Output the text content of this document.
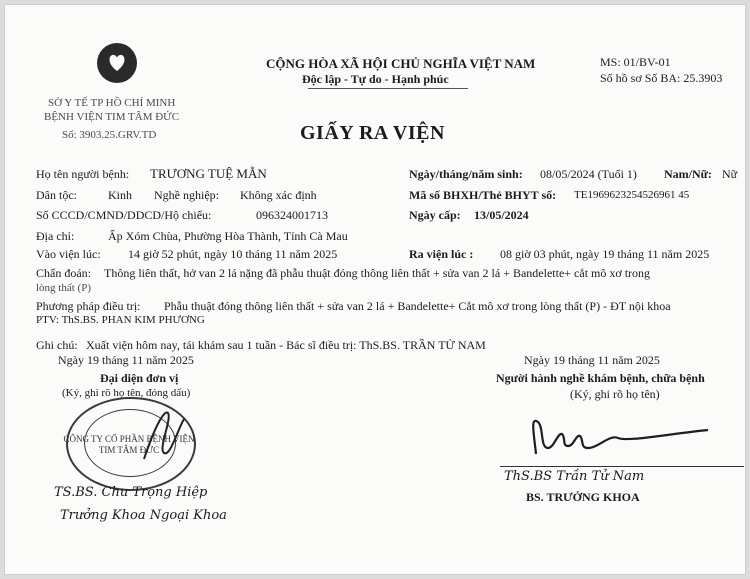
SỞ Y TẾ TP HỒ CHÍ MINH
BỆNH VIỆN TIM TÂM ĐỨC
Số: 3903.25.GRV.TD
CỘNG HÒA XÃ HỘI CHỦ NGHĨA VIỆT NAM
Độc lập - Tự do - Hạnh phúc
MS: 01/BV-01
Số hồ sơ Số BA: 25.3903
GIẤY RA VIỆN
Họ tên người bệnh: TRƯƠNG TUỆ MẪN	Ngày/tháng/năm sinh: 08/05/2024 (Tuổi 1) Nam/Nữ: Nữ
Dân tộc:	Kinh Nghề nghiệp: Không xác định	Mã số BHXH/Thẻ BHYT số: TE1969623254526961 45
Số CCCD/CMND/DDCD/Hộ chiếu:	096324001713	Ngày cấp: 13/05/2024
Địa chỉ:	Ấp Xóm Chùa, Phường Hòa Thành, Tỉnh Cà Mau
Vào viện lúc: 14 giờ 52 phút, ngày 10 tháng 11 năm 2025	Ra viện lúc : 08 giờ 03 phút, ngày 19 tháng 11 năm 2025
Chẩn đoán: Thông liên thất, hở van 2 lá nặng đã phẫu thuật đóng thông liên thất + sửa van 2 lá + Bandelette+ cắt mô xơ trong
lòng thất (P)
Phương pháp điều trị: Phẫu thuật đóng thông liên thất + sửa van 2 lá + Bandelette+ Cắt mô xơ trong lòng thất (P) - ĐT nội khoa
PTV: ThS.BS. PHAN KIM PHƯƠNG
Ghi chú: Xuất viện hôm nay, tái khám sau 1 tuần - Bác sĩ điều trị: ThS.BS. TRẦN TỬ NAM
Ngày 19 tháng 11 năm 2025
Đại diện đơn vị
(Ký, ghi rõ họ tên, đóng dấu)
CÔNG TY CỔ PHẦN BỆNH VIỆN TIM TÂM ĐỨC
TS.BS. Chu Trọng Hiệp
Trưởng Khoa Ngoại Khoa
Ngày 19 tháng 11 năm 2025
Người hành nghề khám bệnh, chữa bệnh
(Ký, ghi rõ họ tên)
ThS.BS Trần Tử Nam
BS. TRƯỞNG KHOA
